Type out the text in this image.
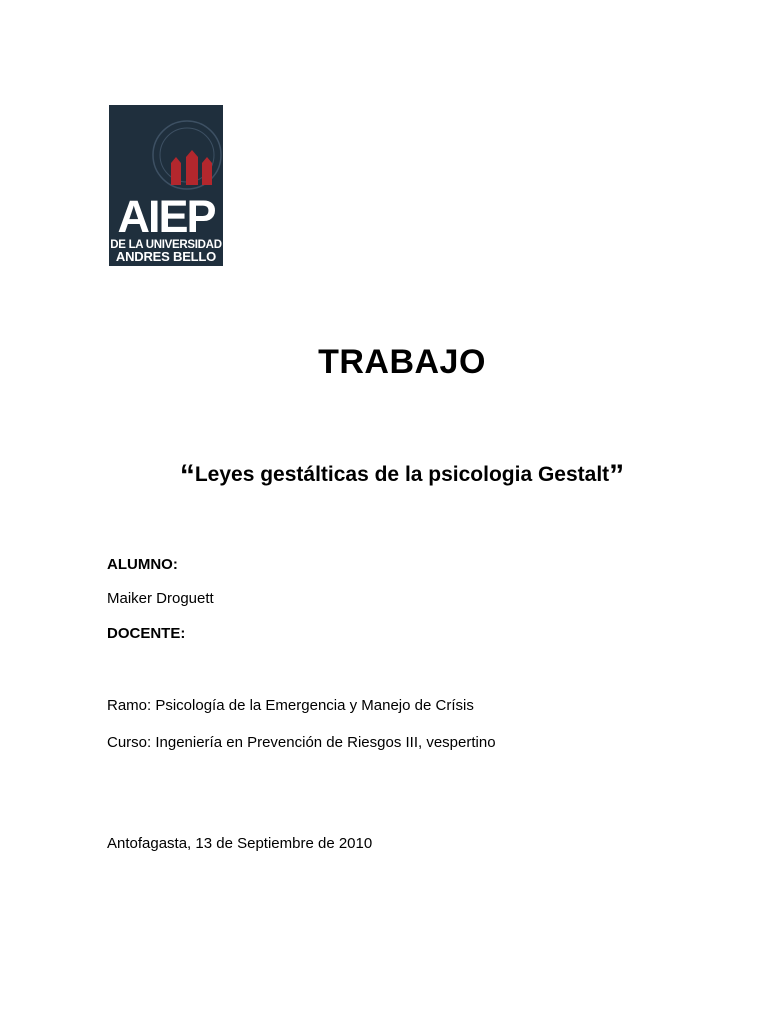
AIEP
DE LA UNIVERSIDAD
ANDRES BELLO
TRABAJO
“Leyes gestálticas de la psicologia Gestalt”
ALUMNO:
Maiker Droguett
DOCENTE:
Ramo: Psicología de la Emergencia y Manejo de Crísis
Curso: Ingeniería en Prevención de Riesgos III, vespertino
Antofagasta, 13 de Septiembre de 2010
